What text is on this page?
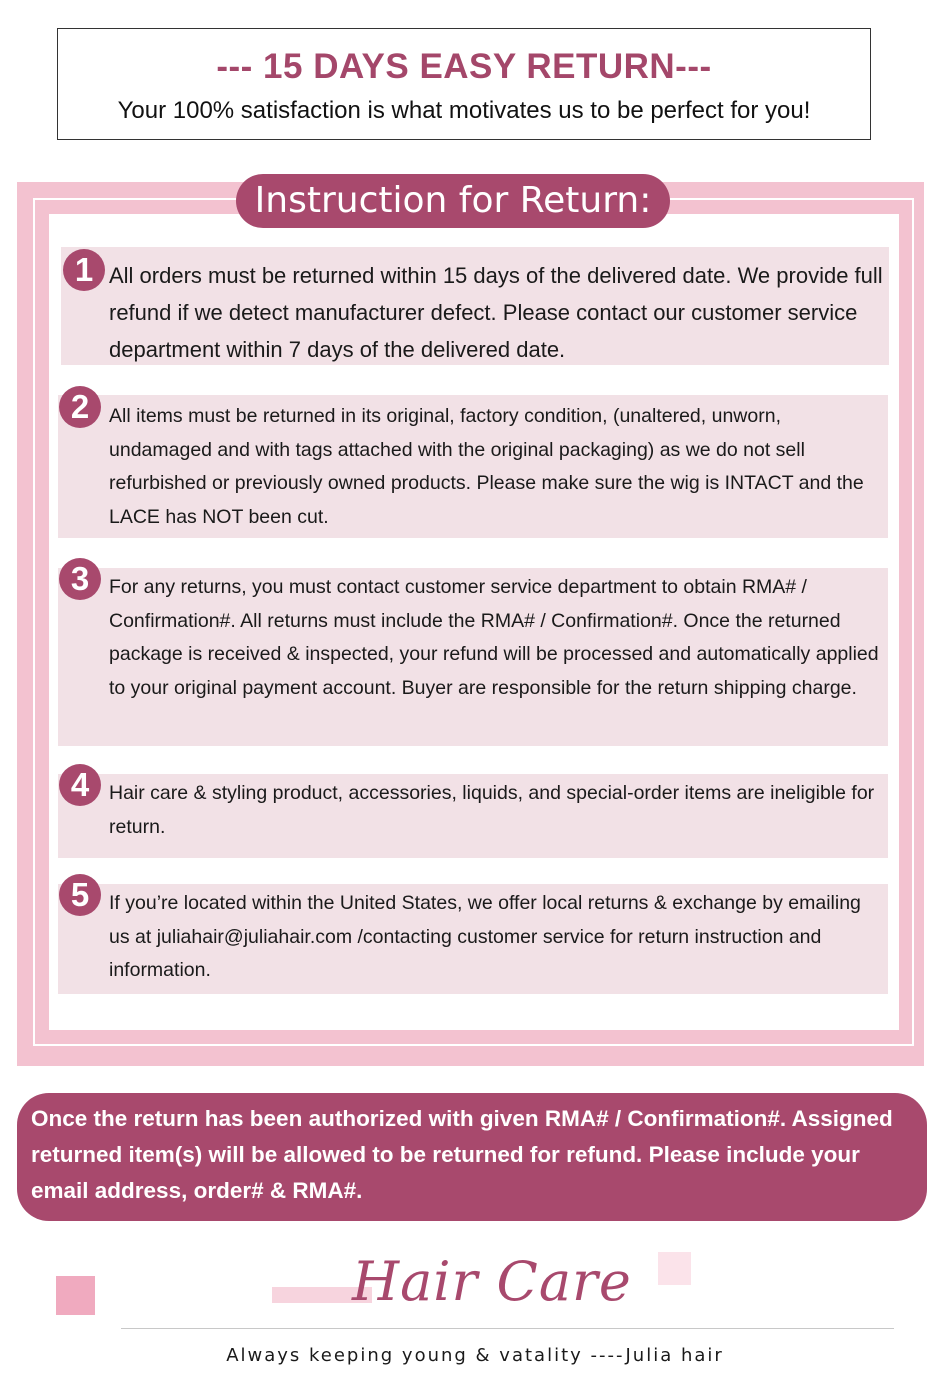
--- 15 DAYS EASY RETURN---
Your 100% satisfaction is what motivates us to be perfect for you!
Instruction for Return:
All orders must be returned within 15 days of the delivered date. We provide full refund if we detect manufacturer defect. Please contact our customer service department within 7 days of the delivered date.
1
All items must be returned in its original, factory condition, (unaltered, unworn, undamaged and with tags attached with the original packaging) as we do not sell refurbished or previously owned products. Please make sure the wig is INTACT and the LACE has NOT been cut.
2
For any returns, you must contact customer service department to obtain RMA# / Confirmation#. All returns must include the RMA# / Confirmation#. Once the returned package is received & inspected, your refund will be processed and automatically applied to your original payment account. Buyer are responsible for the return shipping charge.
3
Hair care & styling product, accessories, liquids, and special-order items are ineligible for return.
4
If you’re located within the United States, we offer local returns & exchange by emailing us at juliahair@juliahair.com /contacting customer service for return instruction and information.
5
Once the return has been authorized with given RMA# / Confirmation#. Assigned returned item(s) will be allowed to be returned for refund. Please include your email address, order# & RMA#.
Hair Care
Always keeping young & vatality ----Julia hair
